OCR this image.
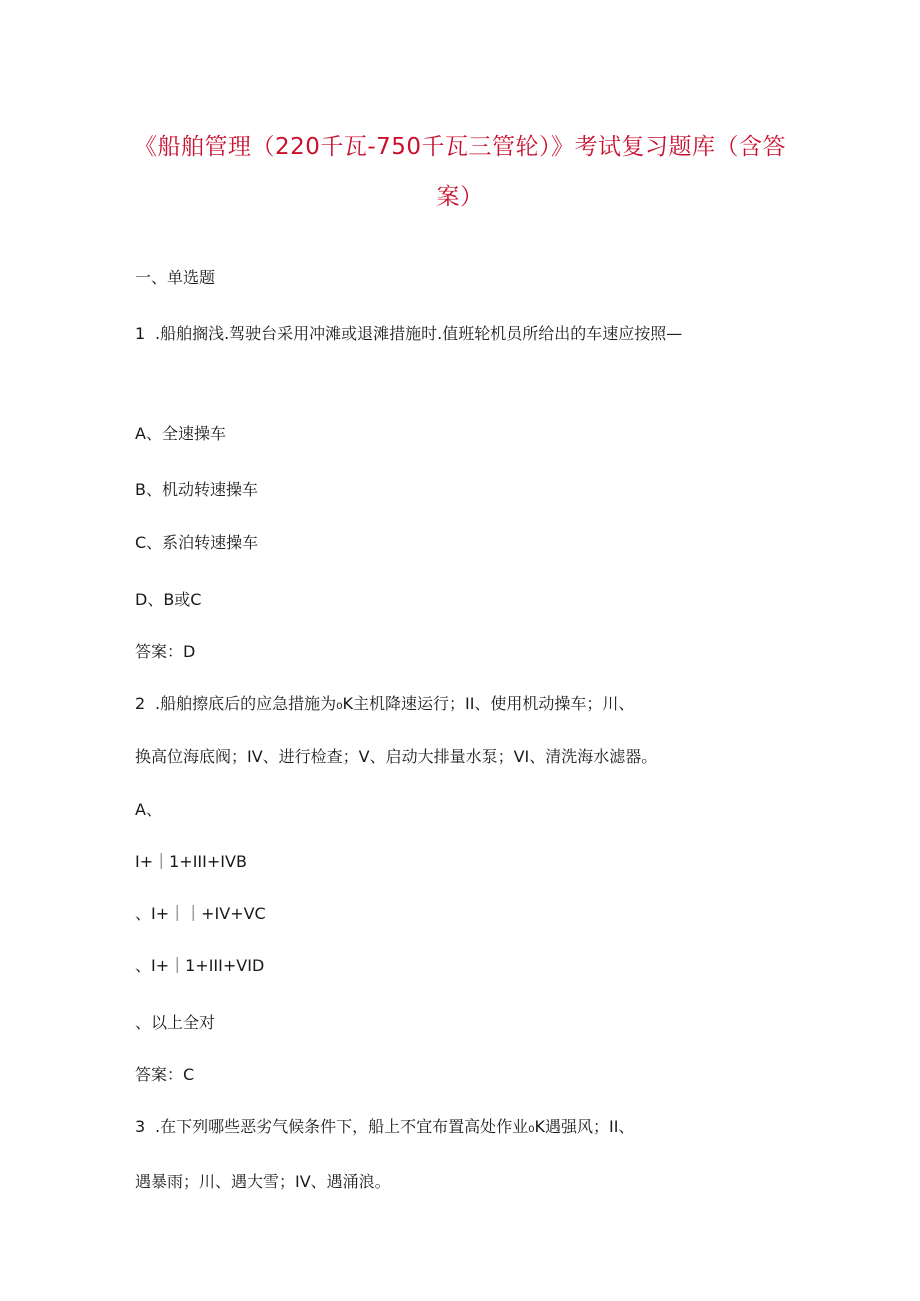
《船舶管理（220千瓦-750千瓦三管轮）》考试复习题库（含答
案）
一、单选题
1 .船舶搁浅.驾驶台采用冲滩或退滩措施时.值班轮机员所给出的车速应按照—
A、全速操车
B、机动转速操车
C、系泊转速操车
D、B或C
答案：D
2 .船舶擦底后的应急措施为₀K主机降速运行；II、使用机动操车；川、
换高位海底阀；IV、进行检查；V、启动大排量水泵；VI、清洗海水滤器。
A、
I+｜1+III+IVB
、I+｜｜+IV+VC
、I+｜1+III+VID
、以上全对
答案：C
3 .在下列哪些恶劣气候条件下，船上不宜布置高处作业₀K遇强风；II、
遇暴雨；川、遇大雪；IV、遇涌浪。
